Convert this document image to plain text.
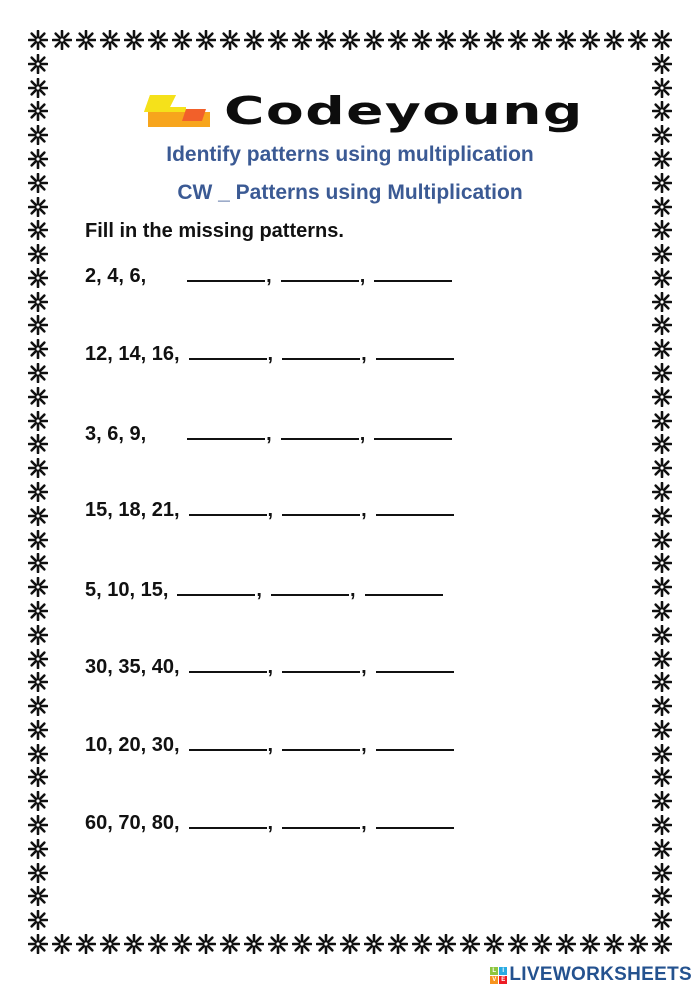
Codeyoung
Identify patterns using multiplication
CW _ Patterns using Multiplication
Fill in the missing patterns.
2, 4, 6,	,	,
12, 14, 16,	,	,
3, 6, 9,	,	,
15, 18, 21,	,	,
5, 10, 15,	,	,
30, 35, 40,	,	,
10, 20, 30,	,	,
60, 70, 80,	,	,
L	I
V E LIVEWORKSHEETS
